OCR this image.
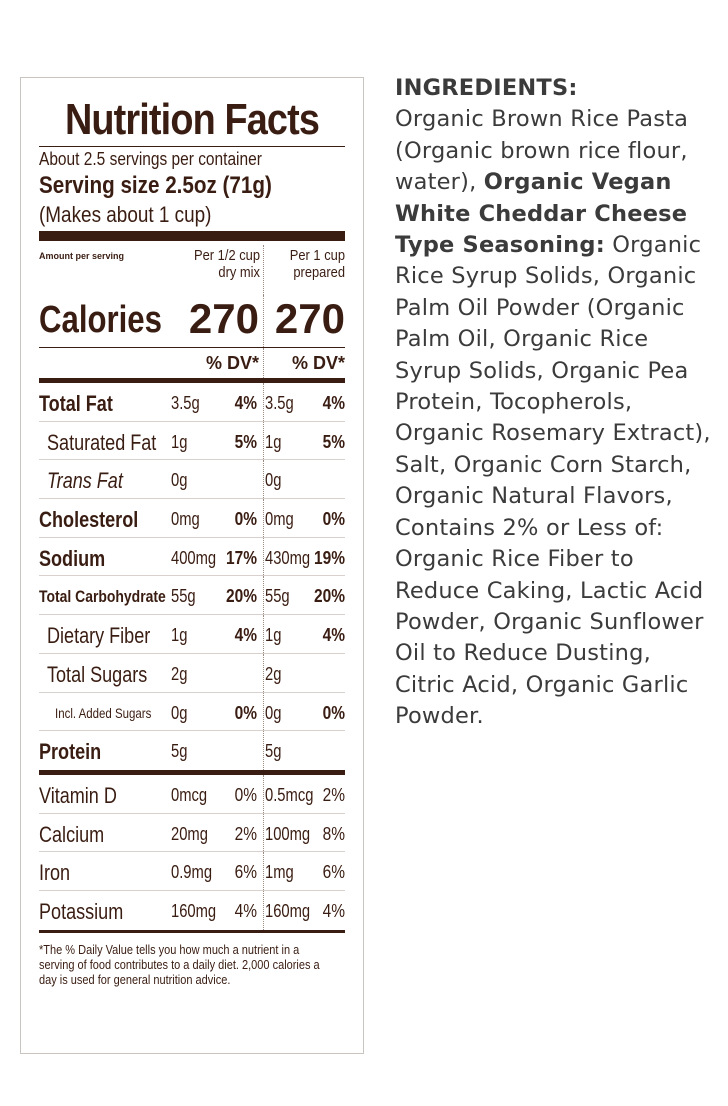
Nutrition Facts
About 2.5 servings per container
Serving size 2.5oz (71g)
(Makes about 1 cup)
Amount per serving	Per 1/2 cup
dry mix
Per 1 cup
prepared
Calories 270 270
% DV*	% DV*
Total Fat	3.5g	4% 3.5g	4%
Saturated Fat 1g	5% 1g	5%
Trans Fat	0g	0g
Cholesterol 0mg	0% 0mg	0%
Sodium	400mg 17% 430mg 19%
Total Carbohydrate 55g 20% 55g 20%
Dietary Fiber 1g	4% 1g	4%
Total Sugars 2g	2g
Incl. Added Sugars 0g	0% 0g	0%
Protein	5g	5g
Vitamin D	0mcg	0% 0.5mcg 2%
Calcium	20mg	2% 100mg 8%
Iron	0.9mg	6% 1mg	6%
Potassium	160mg	4% 160mg 4%
*The % Daily Value tells you how much a nutrient in a serving of food contributes to a daily diet. 2,000 calories a day is used for general nutrition advice.
INGREDIENTS:
Organic Brown Rice Pasta (Organic brown rice flour, water), Organic Vegan White Cheddar Cheese Type Seasoning: Organic Rice Syrup Solids, Organic Palm Oil Powder (Organic Palm Oil, Organic Rice Syrup Solids, Organic Pea Protein, Tocopherols, Organic Rosemary Extract), Salt, Organic Corn Starch, Organic Natural Flavors, Contains 2% or Less of: Organic Rice Fiber to Reduce Caking, Lactic Acid Powder, Organic Sunflower Oil to Reduce Dusting, Citric Acid, Organic Garlic Powder.
